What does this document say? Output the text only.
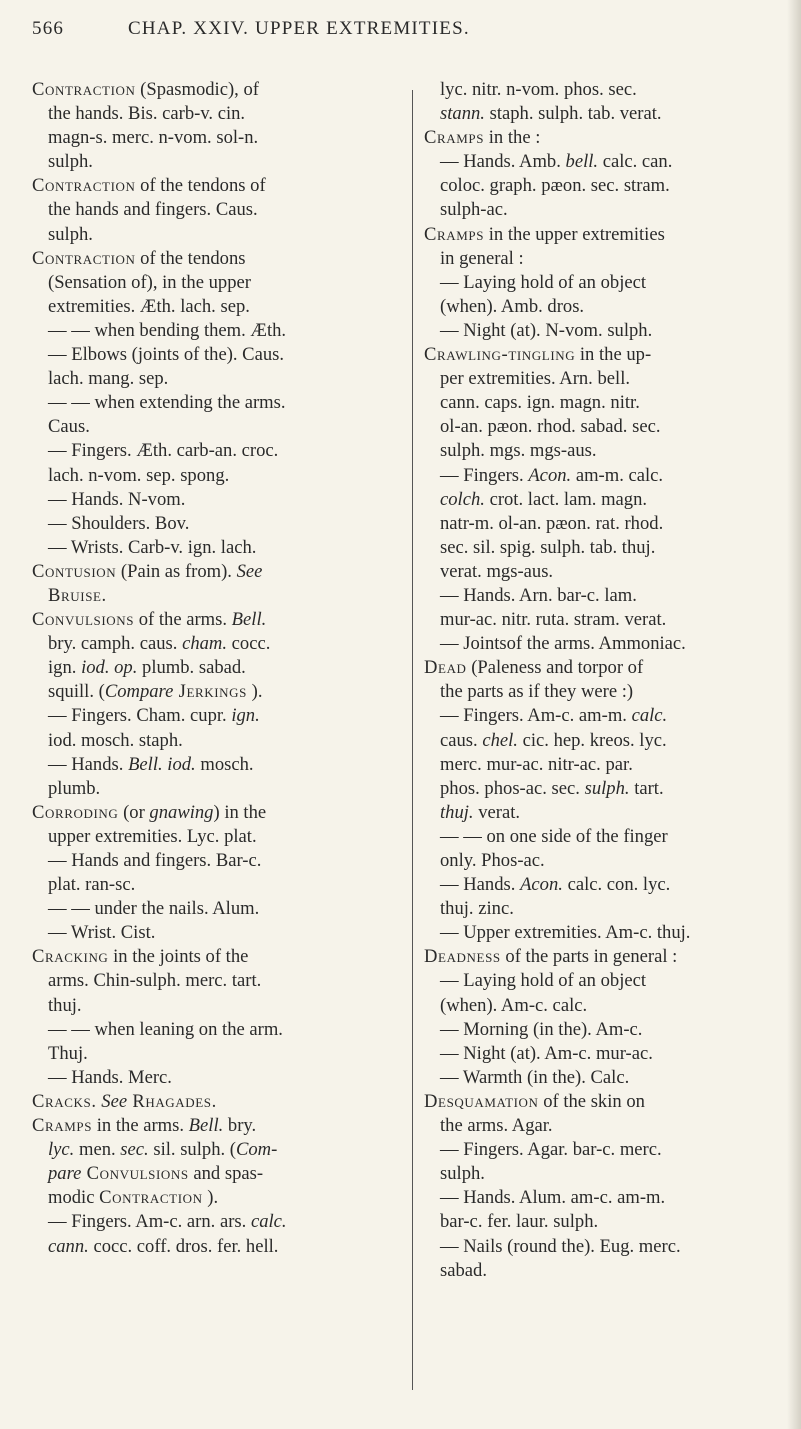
566	CHAP. XXIV. UPPER EXTREMITIES.
Contraction (Spasmodic), of
the hands. Bis. carb-v. cin.
magn-s. merc. n-vom. sol-n.
sulph.
Contraction of the tendons of
the hands and fingers. Caus.
sulph.
Contraction of the tendons
(Sensation of), in the upper
extremities. Æth. lach. sep.
— — when bending them. Æth.
— Elbows (joints of the). Caus.
lach. mang. sep.
— — when extending the arms.
Caus.
— Fingers. Æth. carb-an. croc.
lach. n-vom. sep. spong.
— Hands. N-vom.
— Shoulders. Bov.
— Wrists. Carb-v. ign. lach.
Contusion (Pain as from). See
Bruise.
Convulsions of the arms. Bell.
bry. camph. caus. cham. cocc.
ign. iod. op. plumb. sabad.
squill. (Compare Jerkings ).
— Fingers. Cham. cupr. ign.
iod. mosch. staph.
— Hands. Bell. iod. mosch.
plumb.
Corroding (or gnawing) in the
upper extremities. Lyc. plat.
— Hands and fingers. Bar-c.
plat. ran-sc.
— — under the nails. Alum.
— Wrist. Cist.
Cracking in the joints of the
arms. Chin-sulph. merc. tart.
thuj.
— — when leaning on the arm.
Thuj.
— Hands. Merc.
Cracks. See Rhagades.
Cramps in the arms. Bell. bry.
lyc. men. sec. sil. sulph. (Com-
pare Convulsions and spas-
modic Contraction ).
— Fingers. Am-c. arn. ars. calc.
cann. cocc. coff. dros. fer. hell.
lyc. nitr. n-vom. phos. sec.
stann. staph. sulph. tab. verat.
Cramps in the :
— Hands. Amb. bell. calc. can.
coloc. graph. pæon. sec. stram.
sulph-ac.
Cramps in the upper extremities
in general :
— Laying hold of an object
(when). Amb. dros.
— Night (at). N-vom. sulph.
Crawling-tingling in the up-
per extremities. Arn. bell.
cann. caps. ign. magn. nitr.
ol-an. pæon. rhod. sabad. sec.
sulph. mgs. mgs-aus.
— Fingers. Acon. am-m. calc.
colch. crot. lact. lam. magn.
natr-m. ol-an. pæon. rat. rhod.
sec. sil. spig. sulph. tab. thuj.
verat. mgs-aus.
— Hands. Arn. bar-c. lam.
mur-ac. nitr. ruta. stram. verat.
— Jointsof the arms. Ammoniac.
Dead (Paleness and torpor of
the parts as if they were :)
— Fingers. Am-c. am-m. calc.
caus. chel. cic. hep. kreos. lyc.
merc. mur-ac. nitr-ac. par.
phos. phos-ac. sec. sulph. tart.
thuj. verat.
— — on one side of the finger
only. Phos-ac.
— Hands. Acon. calc. con. lyc.
thuj. zinc.
— Upper extremities. Am-c. thuj.
Deadness of the parts in general :
— Laying hold of an object
(when). Am-c. calc.
— Morning (in the). Am-c.
— Night (at). Am-c. mur-ac.
— Warmth (in the). Calc.
Desquamation of the skin on
the arms. Agar.
— Fingers. Agar. bar-c. merc.
sulph.
— Hands. Alum. am-c. am-m.
bar-c. fer. laur. sulph.
— Nails (round the). Eug. merc.
sabad.
